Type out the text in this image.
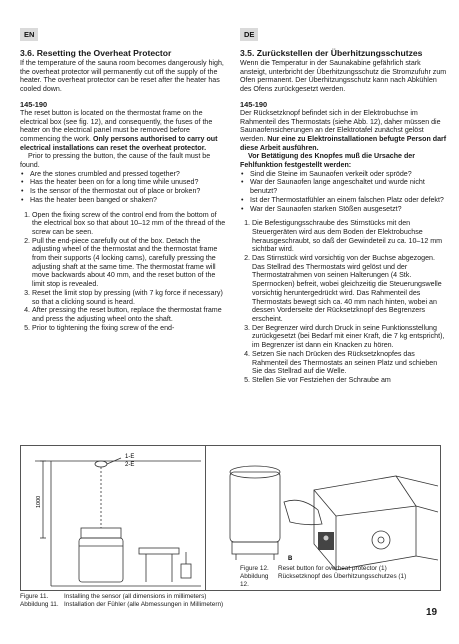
EN
3.6. Resetting the Overheat Protector

If the temperature of the sauna room becomes dangerously high, the overheat protector will permanently cut off the supply of the heater. The overheat protector can be reset after the heater has cooled down.

145-190

The reset button is located on the thermostat frame on the electrical box (see fig. 12), and consequently, the fuses of the heater on the electrical panel must be removed before commencing the work. Only persons authorised to carry out electrical installations can reset the overheat protector.

Prior to pressing the button, the cause of the fault must be found.

• Are the stones crumbled and pressed together?
• Has the heater been on for a long time while unused?
• Is the sensor of the thermostat out of place or broken?
• Has the heater been banged or shaken?
1. Open the fixing screw of the control end from the bottom of the electrical box so that about 10–12 mm of the thread of the screw can be seen.
2. Pull the end-piece carefully out of the box. Detach the adjusting wheel of the thermostat and the thermostat frame from their supports (4 locking cams), carefully pressing the adjusting shaft at the same time. The thermostat frame will move backwards about 40 mm, and the reset button of the limit stop is revealed.
3. Reset the limit stop by pressing (with 7 kg force if necessary) so that a clicking sound is heard.
4. After pressing the reset button, replace the thermostat frame and press the adjusting wheel onto the shaft.
5. Prior to tightening the fixing screw of the end-
DE
3.5. Zurückstellen der Überhitzungsschutzes

Wenn die Temperatur in der Saunakabine gefährlich stark ansteigt, unterbricht der Überhitzungsschutz die Stromzufuhr zum Ofen permanent. Der Überhitzungsschutz kann nach Abkühlen des Ofens zurückgesetzt werden.

145-190

Der Rücksetzknopf befindet sich in der Elektrobuchse im Rahmenteil des Thermostats (siehe Abb. 12), daher müssen die Saunaofensicherungen an der Elektrotafel zunächst gelöst werden. Nur eine zu Elektroinstallationen befugte Person darf diese Arbeit ausführen.

Vor Betätigung des Knopfes muß die Ursache der Fehlfunktion festgestellt werden:

• Sind die Steine im Saunaofen verkeilt oder spröde?
• War der Saunaofen lange angeschaltet und wurde nicht benutzt?
• Ist der Thermostatfühler an einem falschen Platz oder defekt?
• War der Saunaofen starken Stößen ausgesetzt?
1. Die Befestigungsschraube des Stirnstücks mit den Steuergeräten wird aus dem Boden der Elektrobuchse herausgeschraubt, so daß der Gewindeteil zu ca. 10–12 mm sichtbar wird.
2. Das Stirnstück wird vorsichtig von der Buchse abgezogen. Das Stellrad des Thermostats wird gelöst und der Thermostatrahmen von seinen Halterungen (4 Stk. Sperrnocken) befreit, wobei gleichzeitig die Steuerungswelle vorsichtig heruntergedrückt wird. Das Rahmenteil des Thermostats bewegt sich ca. 40 mm nach hinten, wobei an dessen Vorderseite der Rücksetzknopf des Begrenzers erscheint.
3. Der Begrenzer wird durch Druck in seine Funktionsstellung zurückgesetzt (bei Bedarf mit einer Kraft, die 7 kg entspricht), im Begrenzer ist dann ein Knacken zu hören.
4. Setzen Sie nach Drücken des Rücksetzknopfes das Rahmenteil des Thermostats an seinen Platz und schieben Sie das Stellrad auf die Welle.
5. Stellen Sie vor Festziehen der Schraube am
1-E
2-E
1000
B
Figure 12.	Reset button for overheat protector (1)
Abbildung 12.
Rücksetzknopf des Überhitzungsschutzes (1)
Figure 11.	Installing the sensor (all dimensions in millimeters)
Abbildung 11. Installation der Fühler (alle Abmessungen in Millimetern)
19
